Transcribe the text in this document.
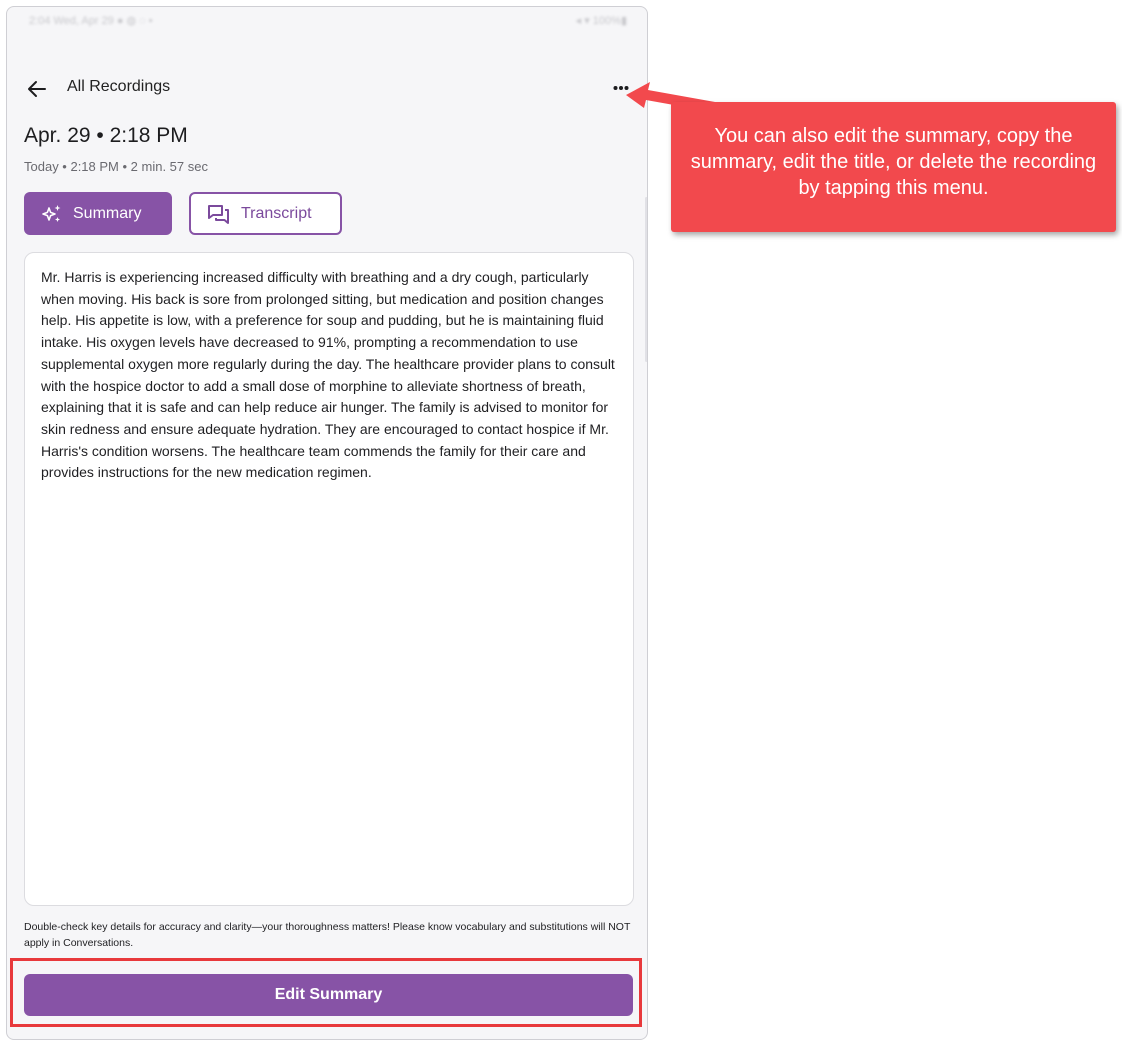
2:04 Wed, Apr 29 ● ◍ ◌ •	◂ ▾ 100%▮
All Recordings
Apr. 29 • 2:18 PM
Today • 2:18 PM • 2 min. 57 sec
Summary	Transcript

Mr. Harris is experiencing increased difficulty with breathing and a dry cough, particularly when moving. His back is sore from prolonged sitting, but medication and position changes help. His appetite is low, with a preference for soup and pudding, but he is maintaining fluid intake. His oxygen levels have decreased to 91%, prompting a recommendation to use supplemental oxygen more regularly during the day. The healthcare provider plans to consult with the hospice doctor to add a small dose of morphine to alleviate shortness of breath, explaining that it is safe and can help reduce air hunger. The family is advised to monitor for skin redness and ensure adequate hydration. They are encouraged to contact hospice if Mr. Harris's condition worsens. The healthcare team commends the family for their care and provides instructions for the new medication regimen.

Double-check key details for accuracy and clarity—your thoroughness matters! Please know vocabulary and substitutions will NOT apply in Conversations.

Edit Summary
You can also edit the summary, copy the summary, edit the title, or delete the recording by tapping this menu.
